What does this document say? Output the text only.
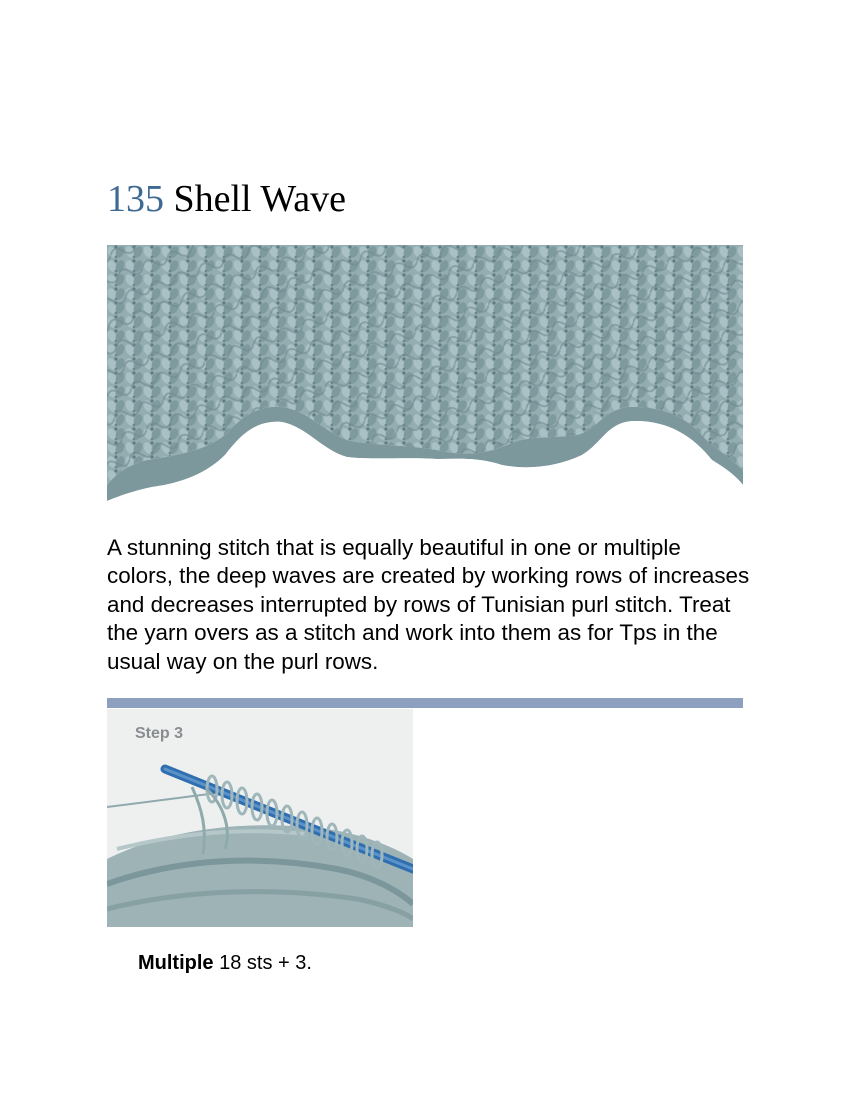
135 Shell Wave

A stunning stitch that is equally beautiful in one or multiple colors, the deep waves are created by working rows of increases and decreases interrupted by rows of Tunisian purl stitch. Treat the yarn overs as a stitch and work into them as for Tps in the usual way on the purl rows.

Step 3

Multiple 18 sts + 3.
